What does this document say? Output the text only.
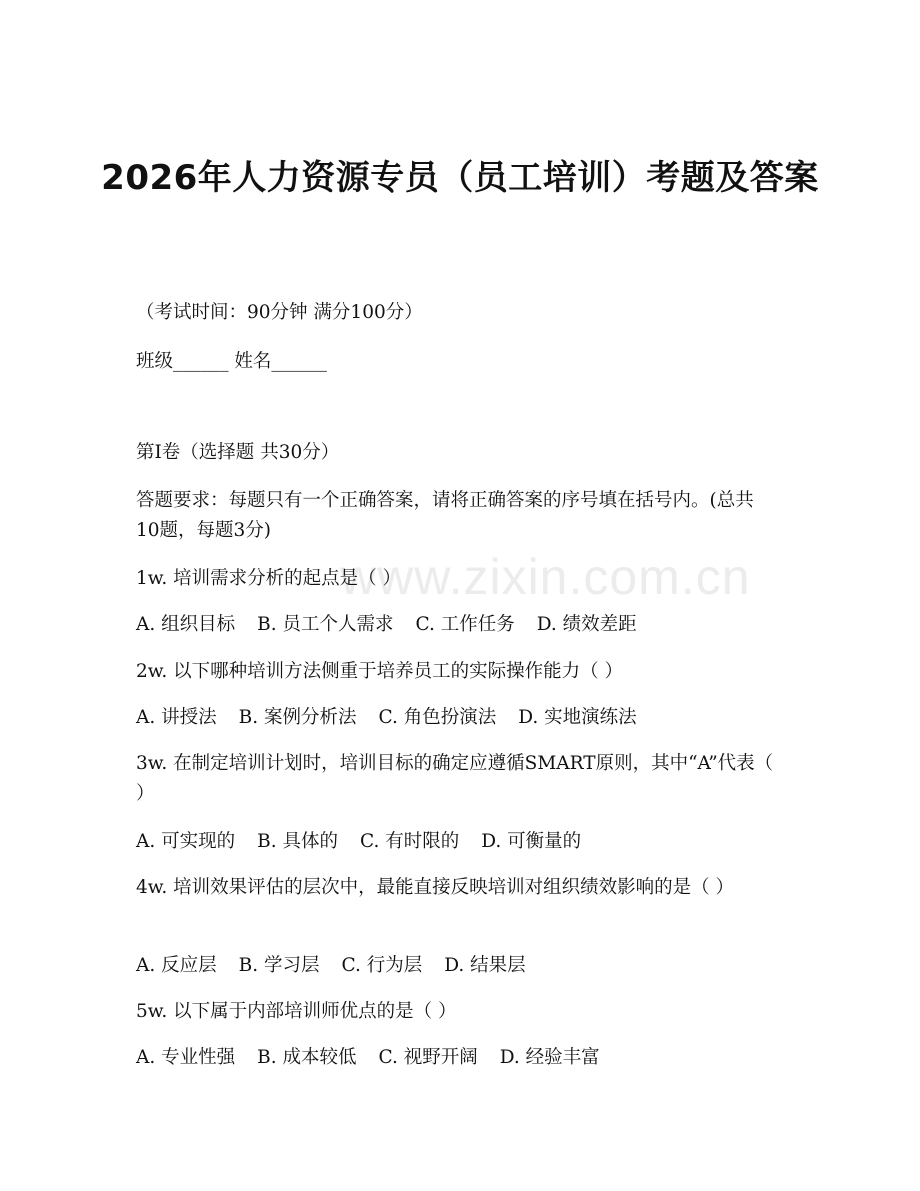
www.zixin.com.cn
2026年人力资源专员（员工培训）考题及答案
（考试时间：90分钟 满分100分）
班级______ 姓名______
第I卷（选择题 共30分）
答题要求：每题只有一个正确答案，请将正确答案的序号填在括号内。(总共10题，每题3分)
1w. 培训需求分析的起点是（ ）
A. 组织目标 B. 员工个人需求 C. 工作任务 D. 绩效差距
2w. 以下哪种培训方法侧重于培养员工的实际操作能力（ ）
A. 讲授法 B. 案例分析法 C. 角色扮演法 D. 实地演练法
3w. 在制定培训计划时，培训目标的确定应遵循SMART原则，其中“A”代表（ ）
A. 可实现的 B. 具体的 C. 有时限的 D. 可衡量的
4w. 培训效果评估的层次中，最能直接反映培训对组织绩效影响的是（ ）
A. 反应层 B. 学习层 C. 行为层 D. 结果层
5w. 以下属于内部培训师优点的是（ ）
A. 专业性强 B. 成本较低 C. 视野开阔 D. 经验丰富
